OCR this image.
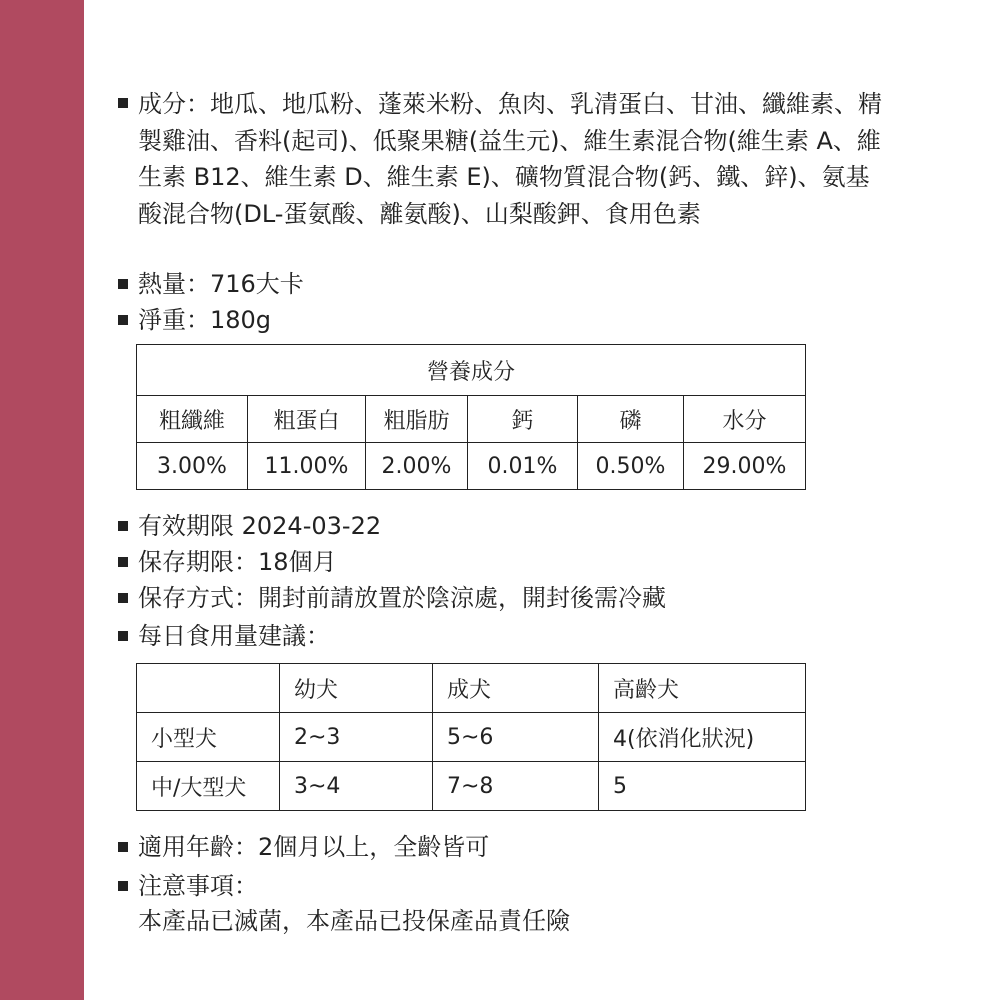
成分：地瓜、地瓜粉、蓬萊米粉、魚肉、乳清蛋白、甘油、纖維素、精製雞油、香料(起司)、低聚果糖(益生元)、維生素混合物(維生素 A、維生素 B12、維生素 D、維生素 E)、礦物質混合物(鈣、鐵、鋅)、氨基酸混合物(DL-蛋氨酸、離氨酸)、山梨酸鉀、食用色素
熱量：716大卡
淨重：180g
營養成分					
粗纖維	粗蛋白	粗脂肪	鈣	磷	水分
3.00%	11.00%	2.00%	0.01%	0.50%	29.00%
有效期限 2024-03-22
保存期限：18個月
保存方式：開封前請放置於陰涼處，開封後需冷藏
每日食用量建議：
	幼犬	成犬	高齡犬
小型犬	2~3	5~6	4(依消化狀況)
中/大型犬	3~4	7~8	5
適用年齡：2個月以上，全齡皆可
注意事項：
本產品已滅菌，本產品已投保產品責任險
